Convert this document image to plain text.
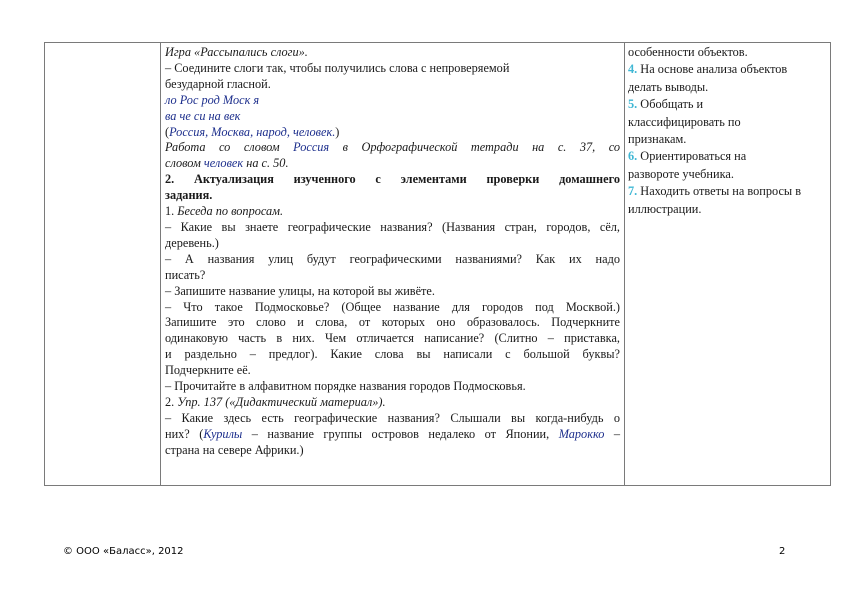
Игра «Рассыпались слоги».

– Соедините слоги так, чтобы получились слова с непроверяемой

безударной гласной.

ло Рос род Моск я

ва че си на век

(Россия, Москва, народ, человек.)

Работа со словом Россия в Орфографической тетради на с. 37, со

словом человек на с. 50.

2. Актуализация изученного с элементами проверки домашнего

задания.

1. Беседа по вопросам.

– Какие вы знаете географические названия? (Названия стран, городов, сёл,

деревень.)

– А названия улиц будут географическими названиями? Как их надо

писать?

– Запишите название улицы, на которой вы живёте.

– Что такое Подмосковье? (Общее название для городов под Москвой.)

Запишите это слово и слова, от которых оно образовалось. Подчеркните

одинаковую часть в них. Чем отличается написание? (Слитно – приставка,

и раздельно – предлог). Какие слова вы написали с большой буквы?

Подчеркните её.

– Прочитайте в алфавитном порядке названия городов Подмосковья.

2. Упр. 137 («Дидактический материал»).

– Какие здесь есть географические названия? Слышали вы когда-нибудь о

них? (Курилы – название группы островов недалеко от Японии, Марокко –

страна на севере Африки.)

особенности объектов.

4. На основе анализа объектов

делать выводы.

5. Обобщать и

классифицировать по

признакам.

6. Ориентироваться на

развороте учебника.

7. Находить ответы на вопросы в

иллюстрации.

© ООО «Баласс», 2012	2
